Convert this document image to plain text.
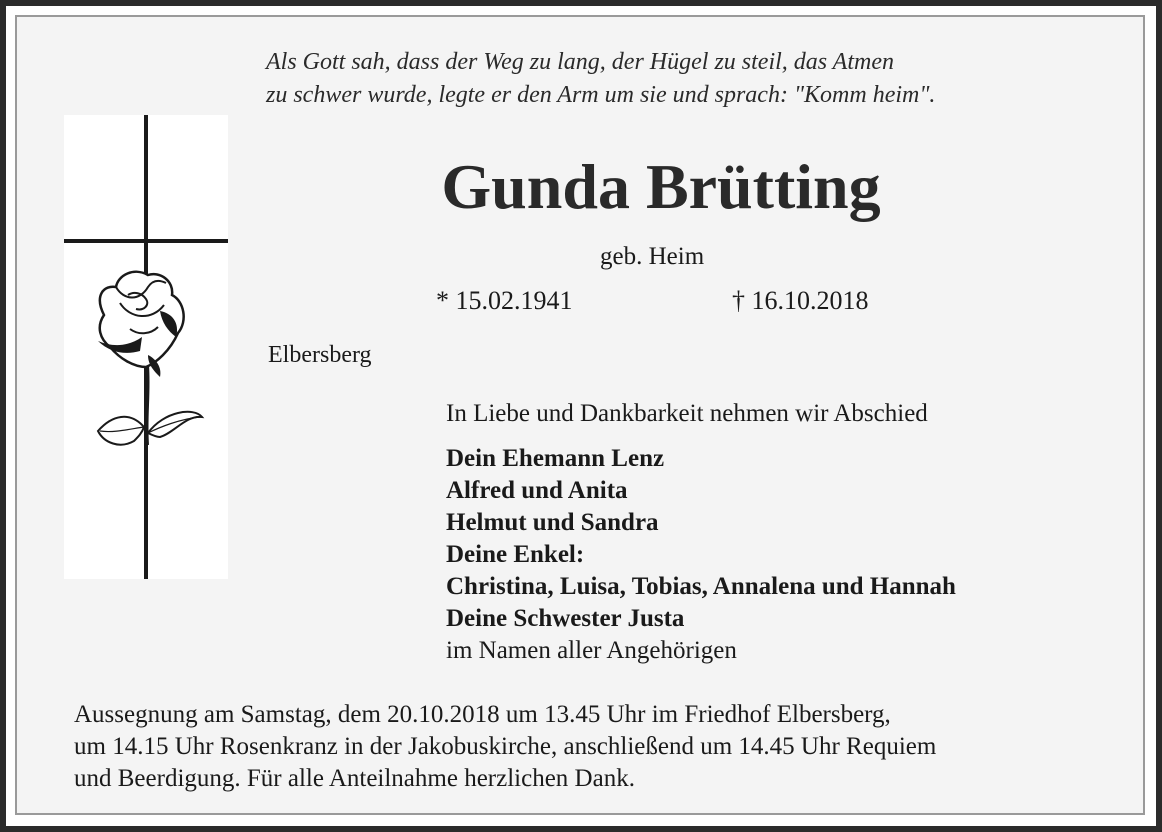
Als Gott sah, dass der Weg zu lang, der Hügel zu steil, das Atmen
zu schwer wurde, legte er den Arm um sie und sprach: "Komm heim".
Gunda Brütting
geb. Heim
* 15.02.1941	† 16.10.2018
Elbersberg
In Liebe und Dankbarkeit nehmen wir Abschied
Dein Ehemann Lenz
Alfred und Anita
Helmut und Sandra
Deine Enkel:
Christina, Luisa, Tobias, Annalena und Hannah
Deine Schwester Justa
im Namen aller Angehörigen
Aussegnung am Samstag, dem 20.10.2018 um 13.45 Uhr im Friedhof Elbersberg,
um 14.15 Uhr Rosenkranz in der Jakobuskirche, anschließend um 14.45 Uhr Requiem
und Beerdigung. Für alle Anteilnahme herzlichen Dank.
